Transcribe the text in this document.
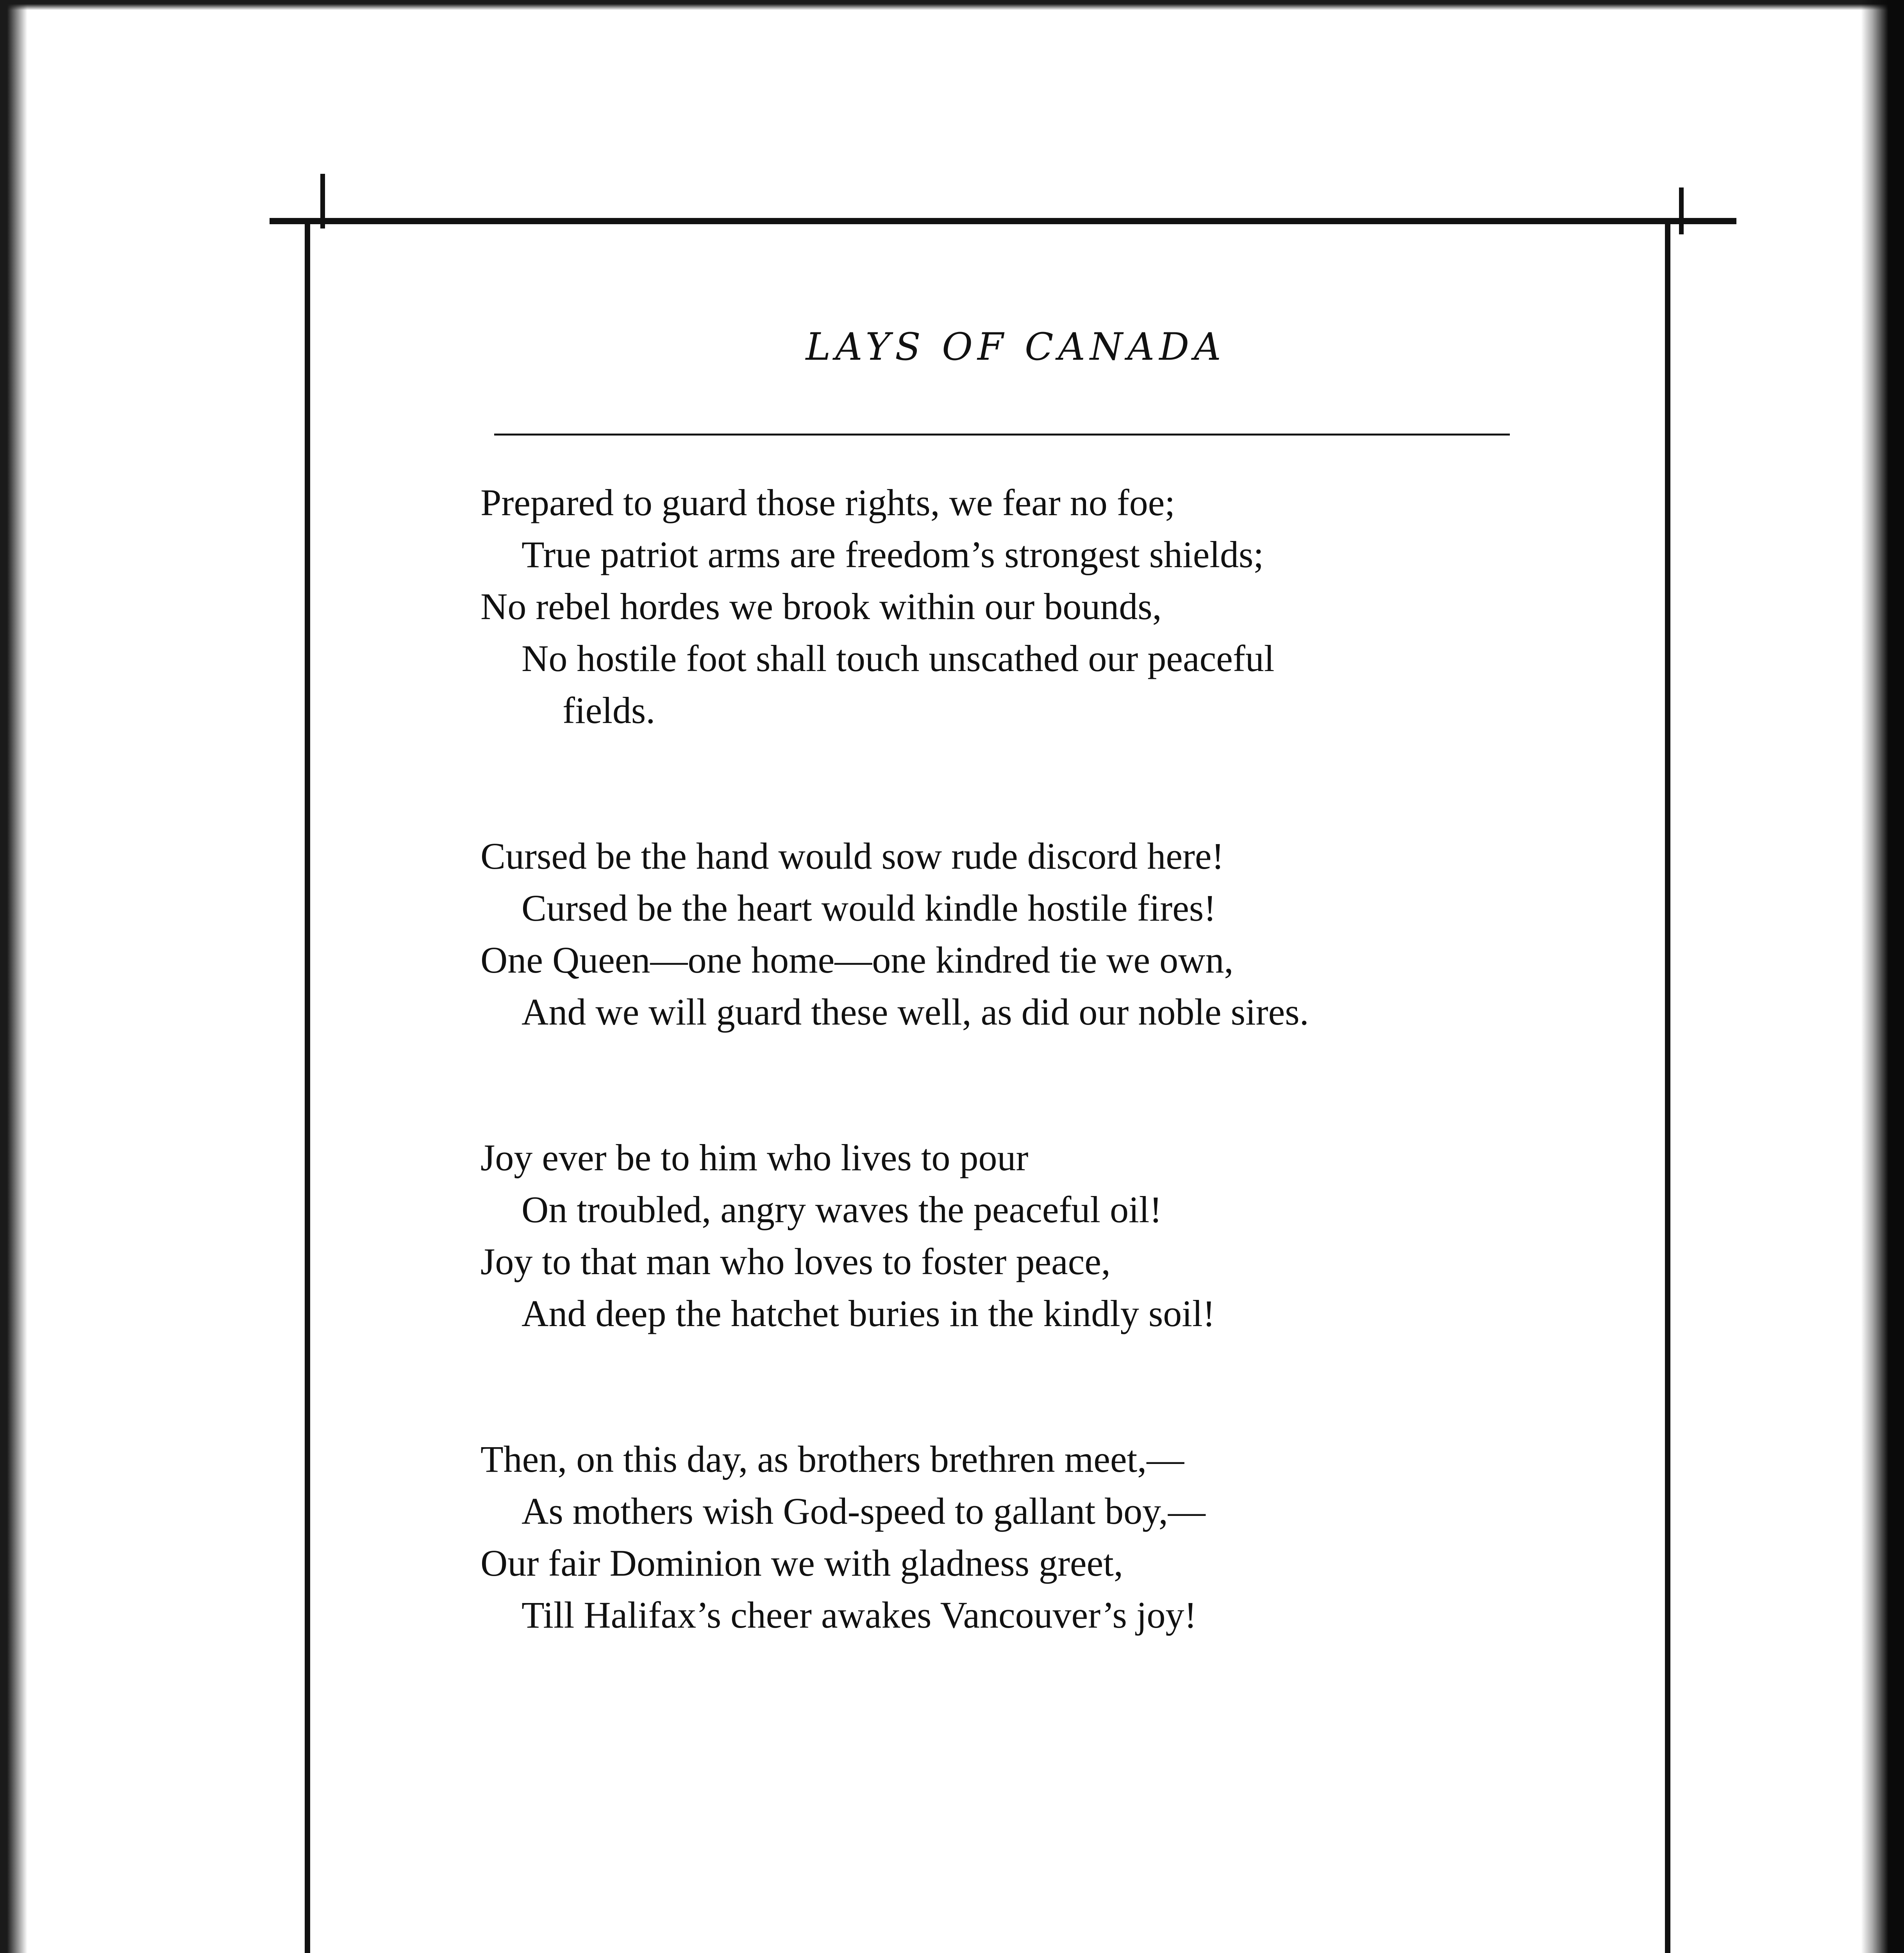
LAYS OF CANADA
Prepared to guard those rights, we fear no foe;
True patriot arms are freedom’s strongest shields;
No rebel hordes we brook within our bounds,
No hostile foot shall touch unscathed our peaceful
fields.
Cursed be the hand would sow rude discord here!
Cursed be the heart would kindle hostile fires!
One Queen—one home—one kindred tie we own,
And we will guard these well, as did our noble sires.
Joy ever be to him who lives to pour
On troubled, angry waves the peaceful oil!
Joy to that man who loves to foster peace,
And deep the hatchet buries in the kindly soil!
Then, on this day, as brothers brethren meet,—
As mothers wish God-speed to gallant boy,—
Our fair Dominion we with gladness greet,
Till Halifax’s cheer awakes Vancouver’s joy!
